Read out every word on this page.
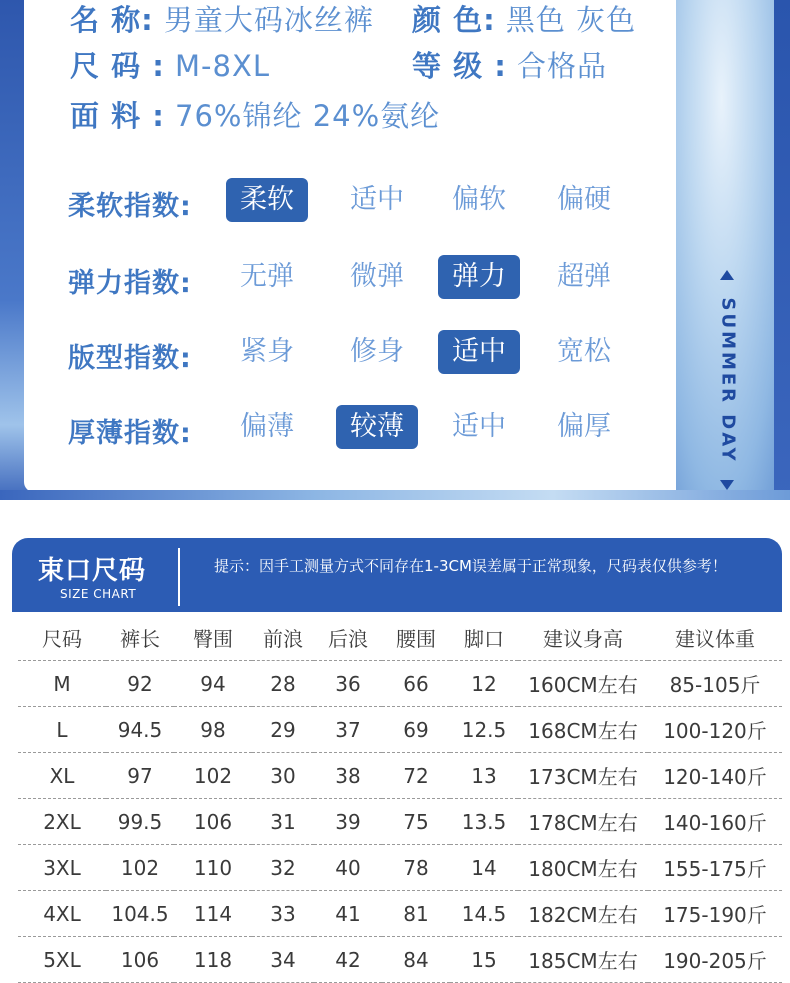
名 称: 男童大码冰丝裤 颜 色: 黑色 灰色
尺 码 : M-8XL	等 级 : 合格品
面 料 : 76%锦纶 24%氨纶
柔软指数:	柔软	适中	偏软	偏硬
弹力指数:	无弹	微弹	弹力	超弹
版型指数:	紧身	修身	适中	宽松
厚薄指数:	偏薄	较薄	适中	偏厚	SUMMER DAY
束口尺码
SIZE CHART
提示：因手工测量方式不同存在1-3CM误差属于正常现象，尺码表仅供参考！
尺码	裤长	臀围	前浪	后浪	腰围	脚口	建议身高	建议体重
M	92	94	28	36	66	12	160CM左右	85-105斤
L	94.5	98	29	37	69	12.5	168CM左右	100-120斤
XL	97	102	30	38	72	13	173CM左右	120-140斤
2XL	99.5	106	31	39	75	13.5	178CM左右	140-160斤
3XL	102	110	32	40	78	14	180CM左右	155-175斤
4XL	104.5	114	33	41	81	14.5	182CM左右	175-190斤
5XL	106	118	34	42	84	15	185CM左右	190-205斤
